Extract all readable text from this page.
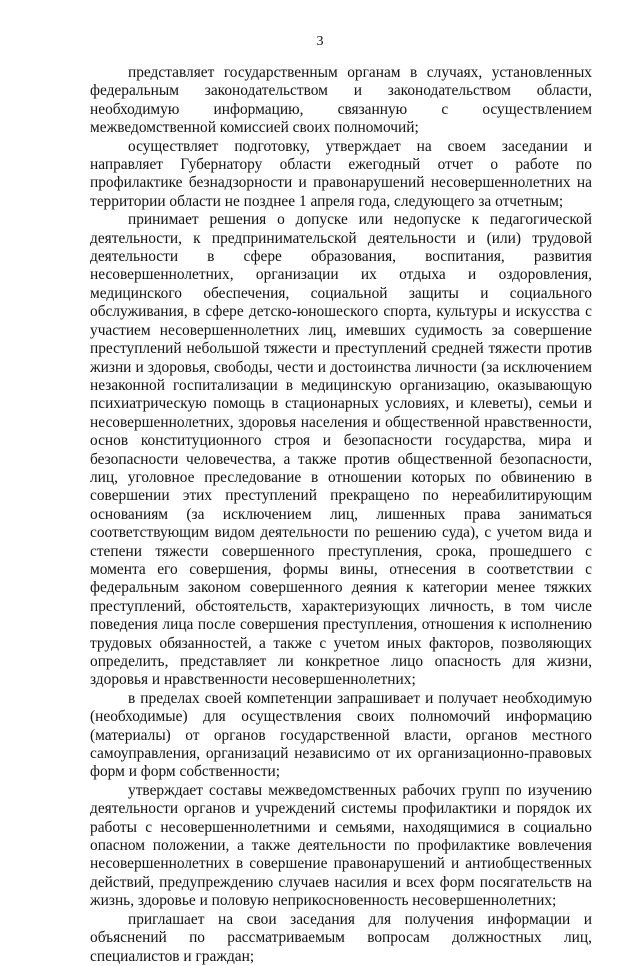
3

представляет государственным органам в случаях, установленных федеральным законодательством и законодательством области, необходимую информацию, связанную с осуществлением межведомственной комиссией своих полномочий;

осуществляет подготовку, утверждает на своем заседании и направляет Губернатору области ежегодный отчет о работе по профилактике безнадзорности и правонарушений несовершеннолетних на территории области не позднее 1 апреля года, следующего за отчетным;

принимает решения о допуске или недопуске к педагогической деятельности, к предпринимательской деятельности и (или) трудовой деятельности в сфере образования, воспитания, развития несовершеннолетних, организации их отдыха и оздоровления, медицинского обеспечения, социальной защиты и социального обслуживания, в сфере детско-юношеского спорта, культуры и искусства с участием несовершеннолетних лиц, имевших судимость за совершение преступлений небольшой тяжести и преступлений средней тяжести против жизни и здоровья, свободы, чести и достоинства личности (за исключением незаконной госпитализации в медицинскую организацию, оказывающую психиатрическую помощь в стационарных условиях, и клеветы), семьи и несовершеннолетних, здоровья населения и общественной нравственности, основ конституционного строя и безопасности государства, мира и безопасности человечества, а также против общественной безопасности, лиц, уголовное преследование в отношении которых по обвинению в совершении этих преступлений прекращено по нереабилитирующим основаниям (за исключением лиц, лишенных права заниматься соответствующим видом деятельности по решению суда), с учетом вида и степени тяжести совершенного преступления, срока, прошедшего с момента его совершения, формы вины, отнесения в соответствии с федеральным законом совершенного деяния к категории менее тяжких преступлений, обстоятельств, характеризующих личность, в том числе поведения лица после совершения преступления, отношения к исполнению трудовых обязанностей, а также с учетом иных факторов, позволяющих определить, представляет ли конкретное лицо опасность для жизни, здоровья и нравственности несовершеннолетних;

в пределах своей компетенции запрашивает и получает необходимую (необходимые) для осуществления своих полномочий информацию (материалы) от органов государственной власти, органов местного самоуправления, организаций независимо от их организационно-правовых форм и форм собственности;

утверждает составы межведомственных рабочих групп по изучению деятельности органов и учреждений системы профилактики и порядок их работы с несовершеннолетними и семьями, находящимися в социально опасном положении, а также деятельности по профилактике вовлечения несовершеннолетних в совершение правонарушений и антиобщественных действий, предупреждению случаев насилия и всех форм посягательств на жизнь, здоровье и половую неприкосновенность несовершеннолетних;

приглашает на свои заседания для получения информации и объяснений по рассматриваемым вопросам должностных лиц, специалистов и граждан;
